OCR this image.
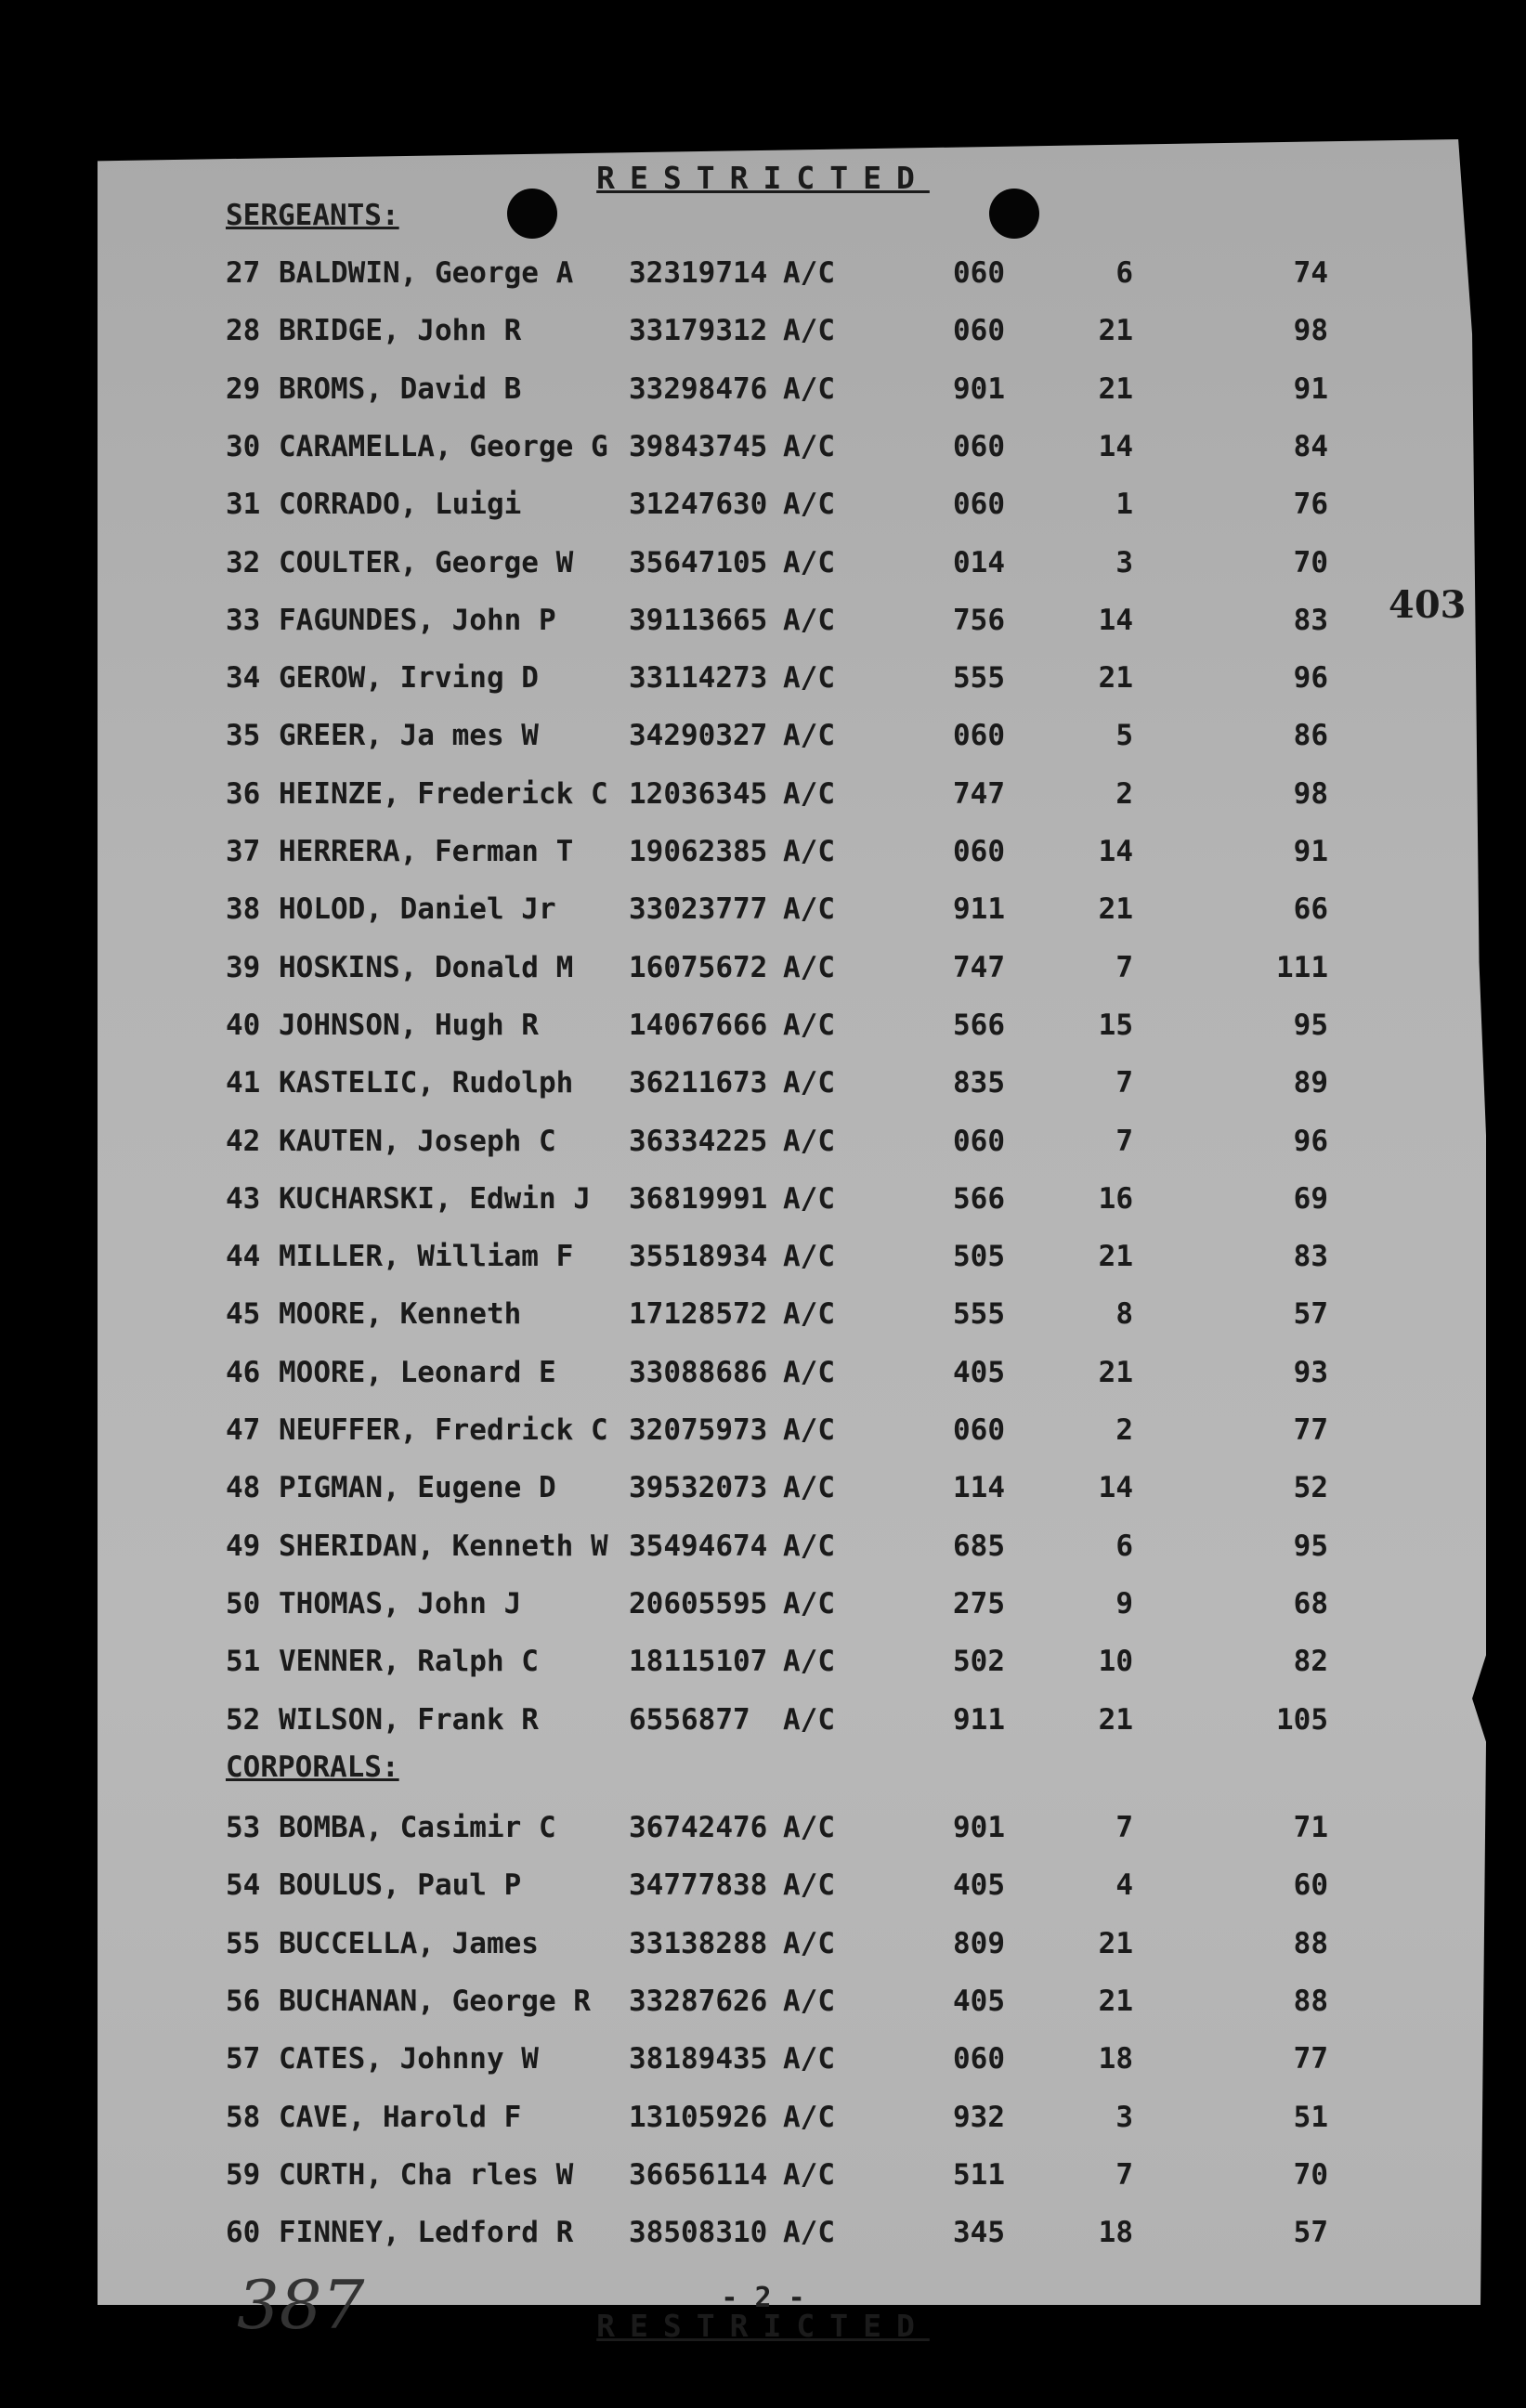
RESTRICTED
SERGEANTS:
27 BALDWIN, George A 32319714 A/C	060	6	74
28 BRIDGE, John R	33179312 A/C	060	21	98
29 BROMS, David B	33298476 A/C	901	21	91
30 CARAMELLA, George G 39843745 A/C	060	14	84
31 CORRADO, Luigi	31247630 A/C	060	1	76
32 COULTER, George W 35647105 A/C	014	3	70
33 FAGUNDES, John P	39113665 A/C	756	14	83
34 GEROW, Irving D	33114273 A/C	555	21	96
35 GREER, Ja mes W	34290327 A/C	060	5	86
36 HEINZE, Frederick C 12036345 A/C	747	2	98
37 HERRERA, Ferman T 19062385 A/C	060	14	91
38 HOLOD, Daniel Jr	33023777 A/C	911	21	66
39 HOSKINS, Donald M 16075672 A/C	747	7	111
40 JOHNSON, Hugh R	14067666 A/C	566	15	95
41 KASTELIC, Rudolph 36211673 A/C	835	7	89
42 KAUTEN, Joseph C	36334225 A/C	060	7	96
43 KUCHARSKI, Edwin J 36819991 A/C	566	16	69
44 MILLER, William F 35518934 A/C	505	21	83
45 MOORE, Kenneth	17128572 A/C	555	8	57
46 MOORE, Leonard E	33088686 A/C	405	21	93
47 NEUFFER, Fredrick C 32075973 A/C	060	2	77
48 PIGMAN, Eugene D	39532073 A/C	114	14	52
49 SHERIDAN, Kenneth W 35494674 A/C	685	6	95
50 THOMAS, John J	20605595 A/C	275	9	68
51 VENNER, Ralph C	18115107 A/C	502	10	82
52 WILSON, Frank R	6556877 A/C	911	21	105
CORPORALS:
53 BOMBA, Casimir C	36742476 A/C	901	7	71
54 BOULUS, Paul P	34777838 A/C	405	4	60
55 BUCCELLA, James	33138288 A/C	809	21	88
56 BUCHANAN, George R 33287626 A/C	405	21	88
57 CATES, Johnny W	38189435 A/C	060	18	77
58 CAVE, Harold F	13105926 A/C	932	3	51
59 CURTH, Cha rles W 36656114 A/C	511	7	70
60 FINNEY, Ledford R 38508310 A/C	345	18	57
403
387	- 2 -
RESTRICTED
